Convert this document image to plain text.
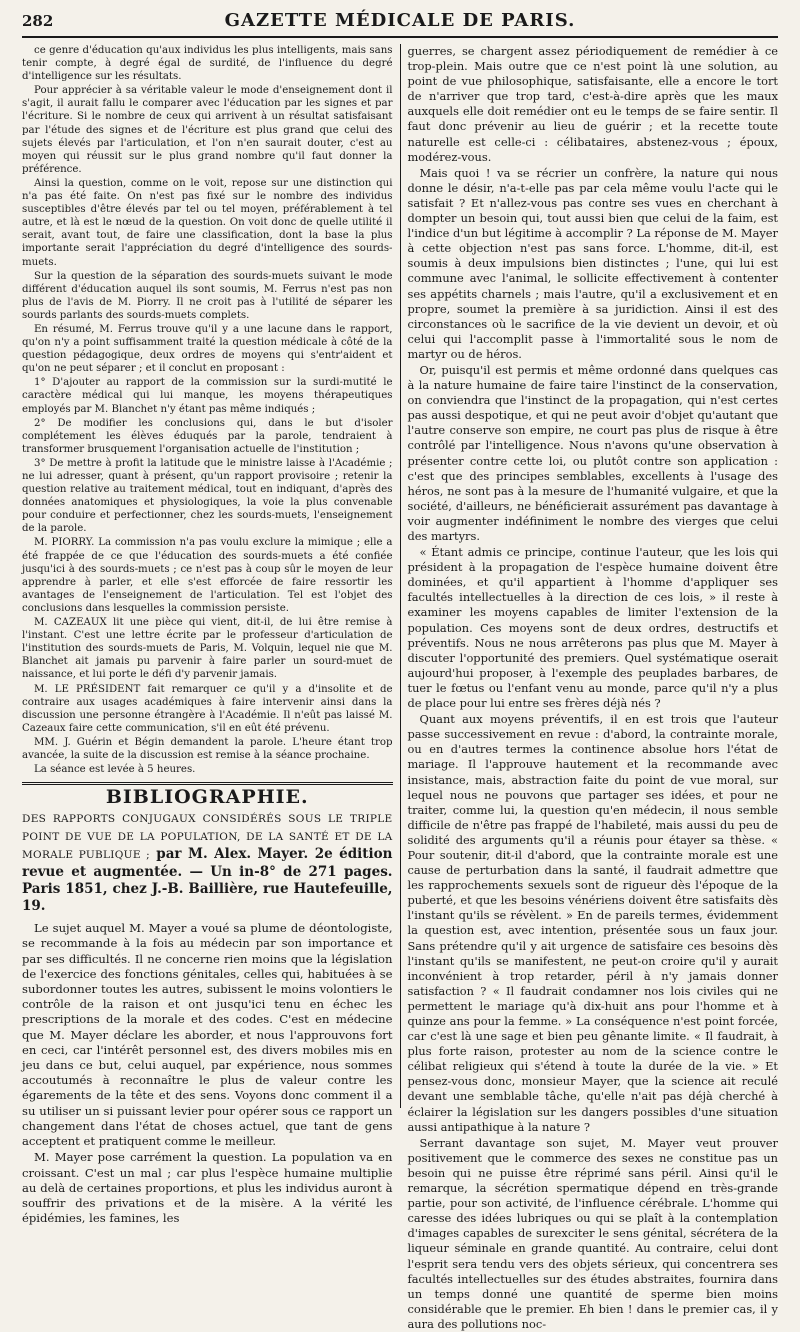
282	GAZETTE MÉDICALE DE PARIS.

ce genre d'éducation qu'aux individus les plus intelligents, mais sans tenir compte, à degré égal de surdité, de l'influence du degré d'intelligence sur les résultats.

Pour apprécier à sa véritable valeur le mode d'enseignement dont il s'agit, il aurait fallu le comparer avec l'éducation par les signes et par l'écriture. Si le nombre de ceux qui arrivent à un résultat satisfaisant par l'étude des signes et de l'écriture est plus grand que celui des sujets élevés par l'articulation, et l'on n'en saurait douter, c'est au moyen qui réussit sur le plus grand nombre qu'il faut donner la préférence.

Ainsi la question, comme on le voit, repose sur une distinction qui n'a pas été faite. On n'est pas fixé sur le nombre des individus susceptibles d'être élevés par tel ou tel moyen, préférablement à tel autre, et là est le nœud de la question. On voit donc de quelle utilité il serait, avant tout, de faire une classification, dont la base la plus importante serait l'appréciation du degré d'intelligence des sourds-muets.

Sur la question de la séparation des sourds-muets suivant le mode différent d'éducation auquel ils sont soumis, M. Ferrus n'est pas non plus de l'avis de M. Piorry. Il ne croit pas à l'utilité de séparer les sourds parlants des sourds-muets complets.

En résumé, M. Ferrus trouve qu'il y a une lacune dans le rapport, qu'on n'y a point suffisamment traité la question médicale à côté de la question pédagogique, deux ordres de moyens qui s'entr'aident et qu'on ne peut séparer ; et il conclut en proposant :

1° D'ajouter au rapport de la commission sur la surdi-mutité le caractère médical qui lui manque, les moyens thérapeutiques employés par M. Blanchet n'y étant pas même indiqués ;

2° De modifier les conclusions qui, dans le but d'isoler complétement les élèves éduqués par la parole, tendraient à transformer brusquement l'organisation actuelle de l'institution ;

3° De mettre à profit la latitude que le ministre laisse à l'Académie ; ne lui adresser, quant à présent, qu'un rapport provisoire ; retenir la question relative au traitement médical, tout en indiquant, d'après des données anatomiques et physiologiques, la voie la plus convenable pour conduire et perfectionner, chez les sourds-muets, l'enseignement de la parole.

M. PIORRY. La commission n'a pas voulu exclure la mimique ; elle a été frappée de ce que l'éducation des sourds-muets a été confiée jusqu'ici à des sourds-muets ; ce n'est pas à coup sûr le moyen de leur apprendre à parler, et elle s'est efforcée de faire ressortir les avantages de l'enseignement de l'articulation. Tel est l'objet des conclusions dans lesquelles la commission persiste.

M. CAZEAUX lit une pièce qui vient, dit-il, de lui être remise à l'instant. C'est une lettre écrite par le professeur d'articulation de l'institution des sourds-muets de Paris, M. Volquin, lequel nie que M. Blanchet ait jamais pu parvenir à faire parler un sourd-muet de naissance, et lui porte le défi d'y parvenir jamais.

M. LE PRÉSIDENT fait remarquer ce qu'il y a d'insolite et de contraire aux usages académiques à faire intervenir ainsi dans la discussion une personne étrangère à l'Académie. Il n'eût pas laissé M. Cazeaux faire cette communication, s'il en eût été prévenu.

MM. J. Guérin et Bégin demandent la parole. L'heure étant trop avancée, la suite de la discussion est remise à la séance prochaine.

La séance est levée à 5 heures.

BIBLIOGRAPHIE.
DES RAPPORTS CONJUGAUX CONSIDÉRÉS SOUS LE TRIPLE POINT DE VUE DE LA POPULATION, DE LA SANTÉ ET DE LA MORALE PUBLIQUE ; par M. Alex. Mayer. 2e édition revue et augmentée. — Un in-8° de 271 pages. Paris 1851, chez J.-B. Baillière, rue Hautefeuille, 19.

Le sujet auquel M. Mayer a voué sa plume de déontologiste, se recommande à la fois au médecin par son importance et par ses difficultés. Il ne concerne rien moins que la législation de l'exercice des fonctions génitales, celles qui, habituées à se subordonner toutes les autres, subissent le moins volontiers le contrôle de la raison et ont jusqu'ici tenu en échec les prescriptions de la morale et des codes. C'est en médecine que M. Mayer déclare les aborder, et nous l'approuvons fort en ceci, car l'intérêt personnel est, des divers mobiles mis en jeu dans ce but, celui auquel, par expérience, nous sommes accoutumés à reconnaître le plus de valeur contre les égarements de la tête et des sens. Voyons donc comment il a su utiliser un si puissant levier pour opérer sous ce rapport un changement dans l'état de choses actuel, que tant de gens acceptent et pratiquent comme le meilleur.

M. Mayer pose carrément la question. La population va en croissant. C'est un mal ; car plus l'espèce humaine multiplie au delà de certaines proportions, et plus les individus auront à souffrir des privations et de la misère. A la vérité les épidémies, les famines, les

guerres, se chargent assez périodiquement de remédier à ce trop-plein. Mais outre que ce n'est point là une solution, au point de vue philosophique, satisfaisante, elle a encore le tort de n'arriver que trop tard, c'est-à-dire après que les maux auxquels elle doit remédier ont eu le temps de se faire sentir. Il faut donc prévenir au lieu de guérir ; et la recette toute naturelle est celle-ci : célibataires, abstenez-vous ; époux, modérez-vous.

Mais quoi ! va se récrier un confrère, la nature qui nous donne le désir, n'a-t-elle pas par cela même voulu l'acte qui le satisfait ? Et n'allez-vous pas contre ses vues en cherchant à dompter un besoin qui, tout aussi bien que celui de la faim, est l'indice d'un but légitime à accomplir ? La réponse de M. Mayer à cette objection n'est pas sans force. L'homme, dit-il, est soumis à deux impulsions bien distinctes ; l'une, qui lui est commune avec l'animal, le sollicite effectivement à contenter ses appétits charnels ; mais l'autre, qu'il a exclusivement et en propre, soumet la première à sa juridiction. Ainsi il est des circonstances où le sacrifice de la vie devient un devoir, et où celui qui l'accomplit passe à l'immortalité sous le nom de martyr ou de héros.

Or, puisqu'il est permis et même ordonné dans quelques cas à la nature humaine de faire taire l'instinct de la conservation, on conviendra que l'instinct de la propagation, qui n'est certes pas aussi despotique, et qui ne peut avoir d'objet qu'autant que l'autre conserve son empire, ne court pas plus de risque à être contrôlé par l'intelligence. Nous n'avons qu'une observation à présenter contre cette loi, ou plutôt contre son application : c'est que des principes semblables, excellents à l'usage des héros, ne sont pas à la mesure de l'humanité vulgaire, et que la société, d'ailleurs, ne bénéficierait assurément pas davantage à voir augmenter indéfiniment le nombre des vierges que celui des martyrs.

« Étant admis ce principe, continue l'auteur, que les lois qui président à la propagation de l'espèce humaine doivent être dominées, et qu'il appartient à l'homme d'appliquer ses facultés intellectuelles à la direction de ces lois, » il reste à examiner les moyens capables de limiter l'extension de la population. Ces moyens sont de deux ordres, destructifs et préventifs. Nous ne nous arrêterons pas plus que M. Mayer à discuter l'opportunité des premiers. Quel systématique oserait aujourd'hui proposer, à l'exemple des peuplades barbares, de tuer le fœtus ou l'enfant venu au monde, parce qu'il n'y a plus de place pour lui entre ses frères déjà nés ?

Quant aux moyens préventifs, il en est trois que l'auteur passe successivement en revue : d'abord, la contrainte morale, ou en d'autres termes la continence absolue hors l'état de mariage. Il l'approuve hautement et la recommande avec insistance, mais, abstraction faite du point de vue moral, sur lequel nous ne pouvons que partager ses idées, et pour ne traiter, comme lui, la question qu'en médecin, il nous semble difficile de n'être pas frappé de l'habileté, mais aussi du peu de solidité des arguments qu'il a réunis pour étayer sa thèse. « Pour soutenir, dit-il d'abord, que la contrainte morale est une cause de perturbation dans la santé, il faudrait admettre que les rapprochements sexuels sont de rigueur dès l'époque de la puberté, et que les besoins vénériens doivent être satisfaits dès l'instant qu'ils se révèlent. » En de pareils termes, évidemment la question est, avec intention, présentée sous un faux jour. Sans prétendre qu'il y ait urgence de satisfaire ces besoins dès l'instant qu'ils se manifestent, ne peut-on croire qu'il y aurait inconvénient à trop retarder, péril à n'y jamais donner satisfaction ? « Il faudrait condamner nos lois civiles qui ne permettent le mariage qu'à dix-huit ans pour l'homme et à quinze ans pour la femme. » La conséquence n'est point forcée, car c'est là une sage et bien peu gênante limite. « Il faudrait, à plus forte raison, protester au nom de la science contre le célibat religieux qui s'étend à toute la durée de la vie. » Et pensez-vous donc, monsieur Mayer, que la science ait reculé devant une semblable tâche, qu'elle n'ait pas déjà cherché à éclairer la législation sur les dangers possibles d'une situation aussi antipathique à la nature ?

Serrant davantage son sujet, M. Mayer veut prouver positivement que le commerce des sexes ne constitue pas un besoin qui ne puisse être réprimé sans péril. Ainsi qu'il le remarque, la sécrétion spermatique dépend en très-grande partie, pour son activité, de l'influence cérébrale. L'homme qui caresse des idées lubriques ou qui se plaît à la contemplation d'images capables de surexciter le sens génital, sécrétera de la liqueur séminale en grande quantité. Au contraire, celui dont l'esprit sera tendu vers des objets sérieux, qui concentrera ses facultés intellectuelles sur des études abstraites, fournira dans un temps donné une quantité de sperme bien moins considérable que le premier. Eh bien ! dans le premier cas, il y aura des pollutions noc-
